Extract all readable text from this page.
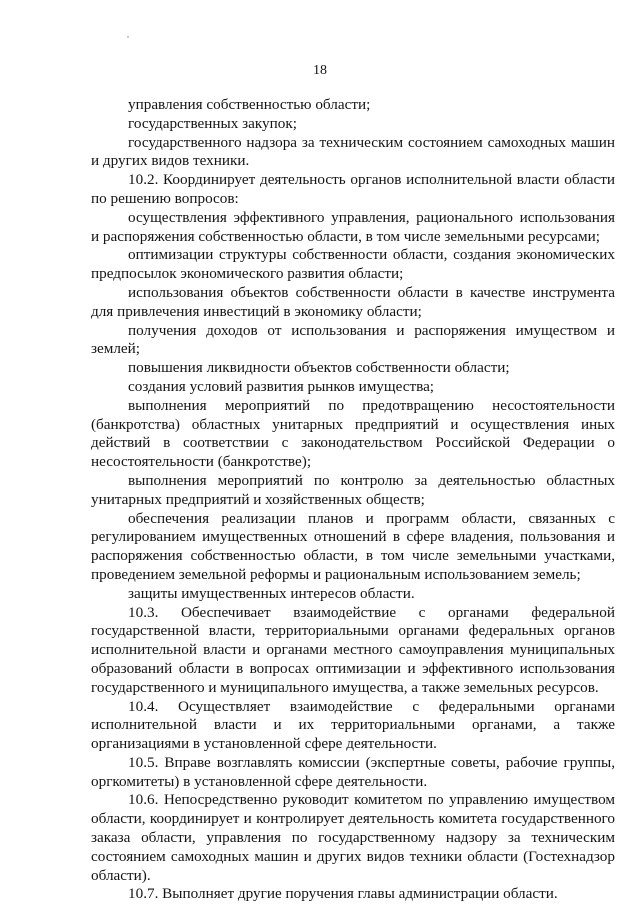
18

управления собственностью области;

государственных закупок;

государственного надзора за техническим состоянием самоходных машин и других видов техники.

10.2. Координирует деятельность органов исполнительной власти области по решению вопросов:

осуществления эффективного управления, рационального использования и распоряжения собственностью области, в том числе земельными ресурсами;

оптимизации структуры собственности области, создания экономических предпосылок экономического развития области;

использования объектов собственности области в качестве инструмента для привлечения инвестиций в экономику области;

получения доходов от использования и распоряжения имуществом и землей;

повышения ликвидности объектов собственности области;

создания условий развития рынков имущества;

выполнения мероприятий по предотвращению несостоятельности (банкротства) областных унитарных предприятий и осуществления иных действий в соответствии с законодательством Российской Федерации о несостоятельности (банкротстве);

выполнения мероприятий по контролю за деятельностью областных унитарных предприятий и хозяйственных обществ;

обеспечения реализации планов и программ области, связанных с регулированием имущественных отношений в сфере владения, пользования и распоряжения собственностью области, в том числе земельными участками, проведением земельной реформы и рациональным использованием земель;

защиты имущественных интересов области.

10.3. Обеспечивает взаимодействие с органами федеральной государственной власти, территориальными органами федеральных органов исполнительной власти и органами местного самоуправления муниципальных образований области в вопросах оптимизации и эффективного использования государственного и муниципального имущества, а также земельных ресурсов.

10.4. Осуществляет взаимодействие с федеральными органами исполнительной власти и их территориальными органами, а также организациями в установленной сфере деятельности.

10.5. Вправе возглавлять комиссии (экспертные советы, рабочие группы, оргкомитеты) в установленной сфере деятельности.

10.6. Непосредственно руководит комитетом по управлению имуществом области, координирует и контролирует деятельность комитета государственного заказа области, управления по государственному надзору за техническим состоянием самоходных машин и других видов техники области (Гостехнадзор области).

10.7. Выполняет другие поручения главы администрации области.
